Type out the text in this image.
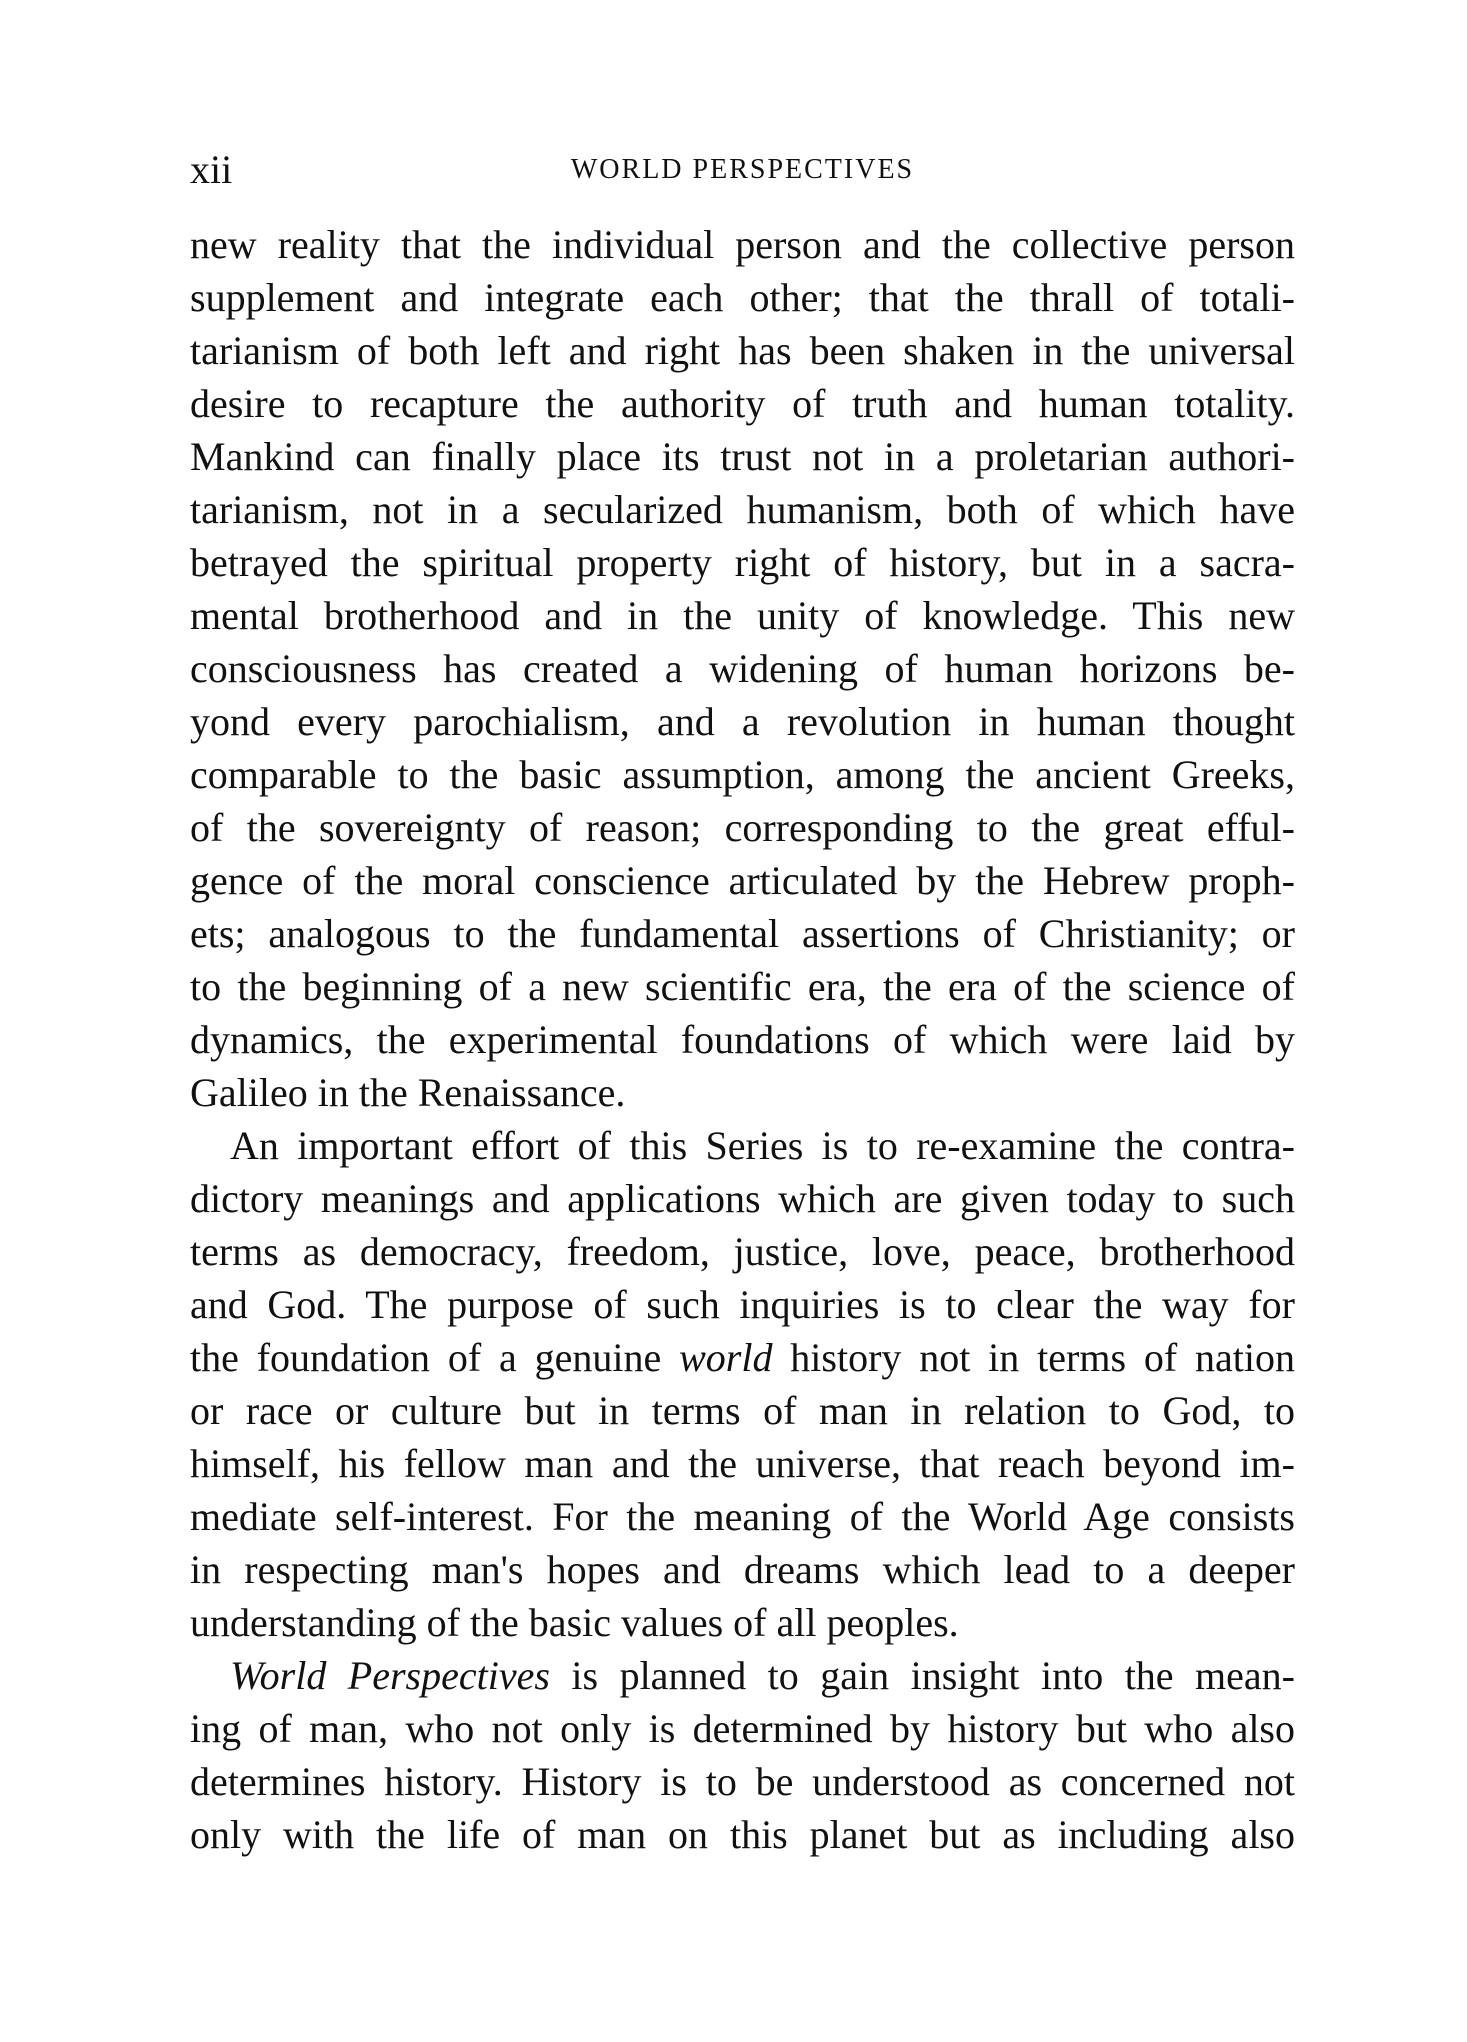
xii	WORLD PERSPECTIVES
new reality that the individual person and the collective person
supplement and integrate each other; that the thrall of totali-
tarianism of both left and right has been shaken in the universal
desire to recapture the authority of truth and human totality.
Mankind can finally place its trust not in a proletarian authori-
tarianism, not in a secularized humanism, both of which have
betrayed the spiritual property right of history, but in a sacra-
mental brotherhood and in the unity of knowledge. This new
consciousness has created a widening of human horizons be-
yond every parochialism, and a revolution in human thought
comparable to the basic assumption, among the ancient Greeks,
of the sovereignty of reason; corresponding to the great efful-
gence of the moral conscience articulated by the Hebrew proph-
ets; analogous to the fundamental assertions of Christianity; or
to the beginning of a new scientific era, the era of the science of
dynamics, the experimental foundations of which were laid by
Galileo in the Renaissance.
An important effort of this Series is to re-examine the contra-
dictory meanings and applications which are given today to such
terms as democracy, freedom, justice, love, peace, brotherhood
and God. The purpose of such inquiries is to clear the way for
the foundation of a genuine world history not in terms of nation
or race or culture but in terms of man in relation to God, to
himself, his fellow man and the universe, that reach beyond im-
mediate self-interest. For the meaning of the World Age consists
in respecting man's hopes and dreams which lead to a deeper
understanding of the basic values of all peoples.
World Perspectives is planned to gain insight into the mean-
ing of man, who not only is determined by history but who also
determines history. History is to be understood as concerned not
only with the life of man on this planet but as including also
